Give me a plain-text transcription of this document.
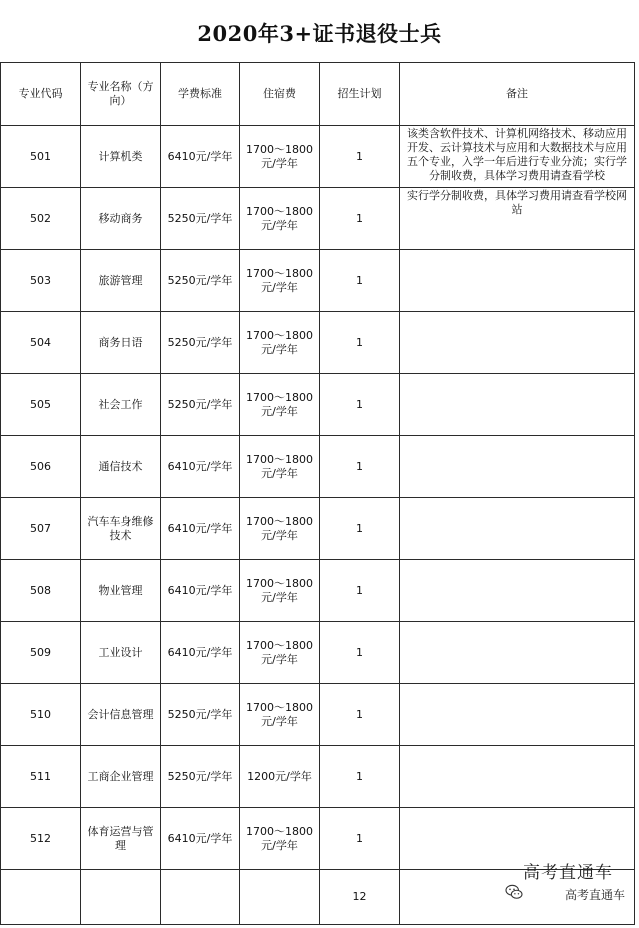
2020年3+证书退役士兵
专业代码	专业名称（方向）	学费标准	住宿费	招生计划	备注
501	计算机类	6410元/学年	1700～1800元/学年	1	该类含软件技术、计算机网络技术、移动应用开发、云计算技术与应用和大数据技术与应用五个专业，入学一年后进行专业分流；实行学分制收费，具体学习费用请查看学校
502	移动商务	5250元/学年	1700～1800元/学年	1	实行学分制收费，具体学习费用请查看学校网站
503	旅游管理	5250元/学年	1700～1800元/学年	1	
504	商务日语	5250元/学年	1700～1800元/学年	1	
505	社会工作	5250元/学年	1700～1800元/学年	1	
506	通信技术	6410元/学年	1700～1800元/学年	1	
507	汽车车身维修技术	6410元/学年	1700～1800元/学年	1	
508	物业管理	6410元/学年	1700～1800元/学年	1	
509	工业设计	6410元/学年	1700～1800元/学年	1	
510	会计信息管理	5250元/学年	1700～1800元/学年	1	
511	工商企业管理	5250元/学年	1200元/学年	1	
512	体育运营与管理	6410元/学年	1700～1800元/学年	1	
				12	
高考直通车
高考直通车
